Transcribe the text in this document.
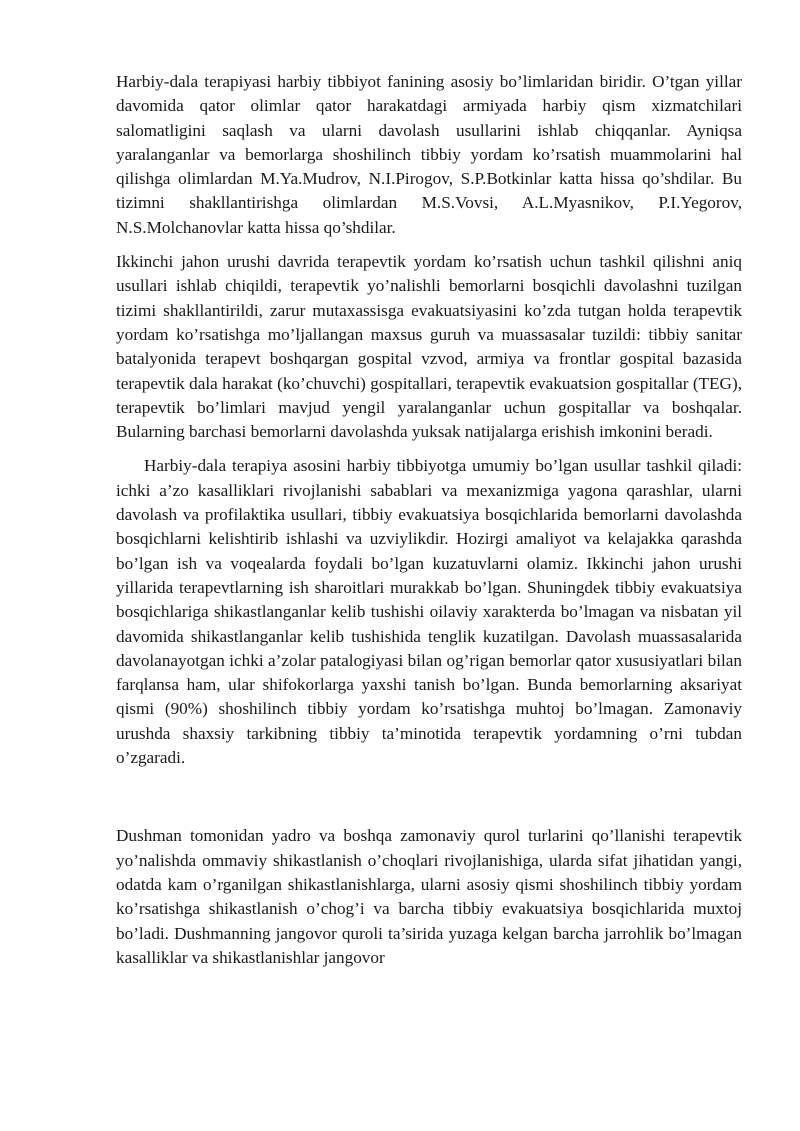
Harbiy-dala terapiyasi harbiy tibbiyot fanining asosiy bo’limlaridan biridir. O’tgan yillar davomida qator olimlar qator harakatdagi armiyada harbiy qism xizmatchilari salomatligini saqlash va ularni davolash usullarini ishlab chiqqanlar. Ayniqsa yaralanganlar va bemorlarga shoshilinch tibbiy yordam ko’rsatish muammolarini hal qilishga olimlardan M.Ya.Mudrov, N.I.Pirogov, S.P.Botkinlar katta hissa qo’shdilar. Bu tizimni shakllantirishga olimlardan M.S.Vovsi, A.L.Myasnikov, P.I.Yegorov, N.S.Molchanovlar katta hissa qo’shdilar.

Ikkinchi jahon urushi davrida terapevtik yordam ko’rsatish uchun tashkil qilishni aniq usullari ishlab chiqildi, terapevtik yo’nalishli bemorlarni bosqichli davolashni tuzilgan tizimi shakllantirildi, zarur mutaxassisga evakuatsiyasini ko’zda tutgan holda terapevtik yordam ko’rsatishga mo’ljallangan maxsus guruh va muassasalar tuzildi: tibbiy sanitar batalyonida terapevt boshqargan gospital vzvod, armiya va frontlar gospital bazasida terapevtik dala harakat (ko’chuvchi) gospitallari, terapevtik evakuatsion gospitallar (TEG), terapevtik bo’limlari mavjud yengil yaralanganlar uchun gospitallar va boshqalar. Bularning barchasi bemorlarni davolashda yuksak natijalarga erishish imkonini beradi.

Harbiy-dala terapiya asosini harbiy tibbiyotga umumiy bo’lgan usullar tashkil qiladi: ichki a’zo kasalliklari rivojlanishi sabablari va mexanizmiga yagona qarashlar, ularni davolash va profilaktika usullari, tibbiy evakuatsiya bosqichlarida bemorlarni davolashda bosqichlarni kelishtirib ishlashi va uzviylikdir. Hozirgi amaliyot va kelajakka qarashda bo’lgan ish va voqealarda foydali bo’lgan kuzatuvlarni olamiz. Ikkinchi jahon urushi yillarida terapevtlarning ish sharoitlari murakkab bo’lgan. Shuningdek tibbiy evakuatsiya bosqichlariga shikastlanganlar kelib tushishi oilaviy xarakterda bo’lmagan va nisbatan yil davomida shikastlanganlar kelib tushishida tenglik kuzatilgan. Davolash muassasalarida davolanayotgan ichki a’zolar patalogiyasi bilan og’rigan bemorlar qator xususiyatlari bilan farqlansa ham, ular shifokorlarga yaxshi tanish bo’lgan. Bunda bemorlarning aksariyat qismi (90%) shoshilinch tibbiy yordam ko’rsatishga muhtoj bo’lmagan. Zamonaviy urushda shaxsiy tarkibning tibbiy ta’minotida terapevtik yordamning o’rni tubdan o’zgaradi.

Dushman tomonidan yadro va boshqa zamonaviy qurol turlarini qo’llanishi terapevtik yo’nalishda ommaviy shikastlanish o’choqlari rivojlanishiga, ularda sifat jihatidan yangi, odatda kam o’rganilgan shikastlanishlarga, ularni asosiy qismi shoshilinch tibbiy yordam ko’rsatishga shikastlanish o’chog’i va barcha tibbiy evakuatsiya bosqichlarida muxtoj bo’ladi. Dushmanning jangovor quroli ta’sirida yuzaga kelgan barcha jarrohlik bo’lmagan kasalliklar va shikastlanishlar jangovor
